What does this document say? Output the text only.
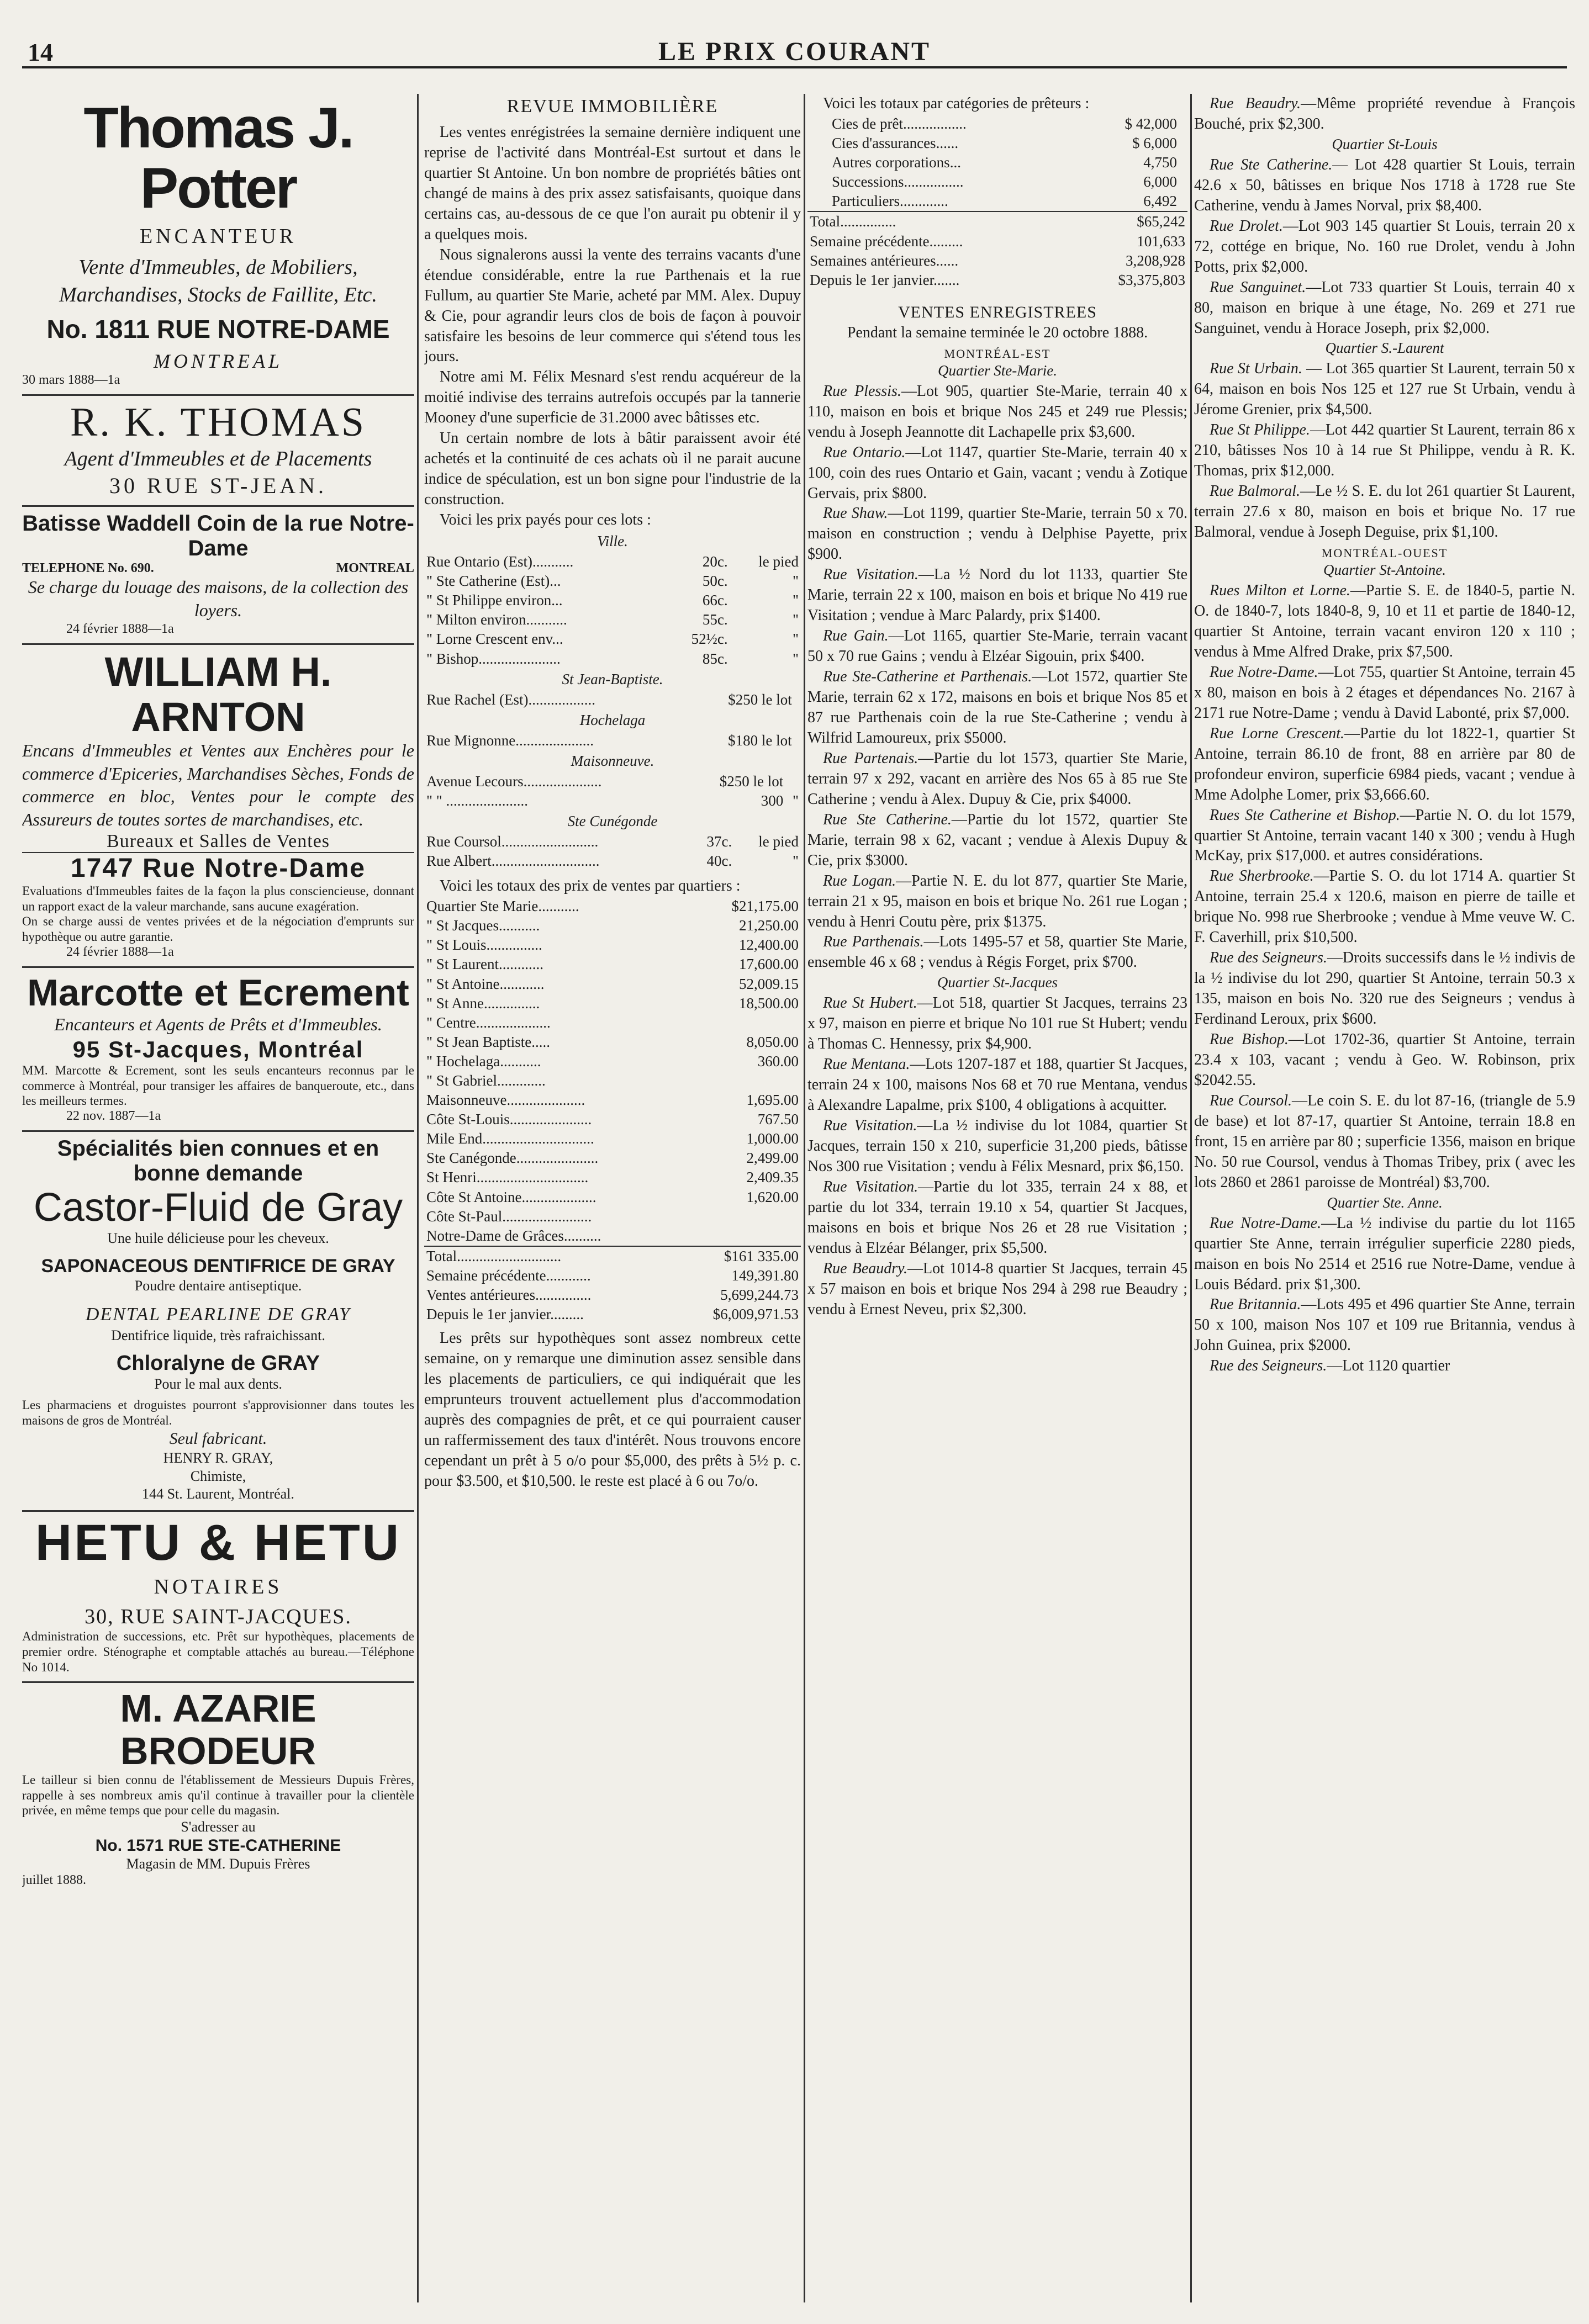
14	LE PRIX COURANT
Thomas J. Potter
ENCANTEUR
Vente d'Immeubles, de Mobiliers, Marchandises, Stocks de Faillite, Etc.
No. 1811 RUE NOTRE-DAME
MONTREAL
30 mars 1888—1a
R. K. THOMAS
Agent d'Immeubles et de Placements
30 RUE ST-JEAN.
Batisse Waddell Coin de la rue Notre-Dame
TELEPHONE No. 690.	MONTREAL
Se charge du louage des maisons, de la collection des loyers.
24 février 1888—1a
WILLIAM H. ARNTON
Encans d'Immeubles et Ventes aux Enchères pour le commerce d'Epiceries, Marchandises Sèches, Fonds de commerce en bloc, Ventes pour le compte des Assureurs de toutes sortes de marchandises, etc.
Bureaux et Salles de Ventes
1747 Rue Notre-Dame
Evaluations d'Immeubles faites de la façon la plus consciencieuse, donnant un rapport exact de la valeur marchande, sans aucune exagération.
On se charge aussi de ventes privées et de la négociation d'emprunts sur hypothèque ou autre garantie.
24 février 1888—1a
Marcotte et Ecrement
Encanteurs et Agents de Prêts et d'Immeubles.
95 St-Jacques, Montréal
MM. Marcotte & Ecrement, sont les seuls encanteurs reconnus par le commerce à Montréal, pour transiger les affaires de banqueroute, etc., dans les meilleurs termes.
22 nov. 1887—1a
Spécialités bien connues et en bonne demande
Castor-Fluid de Gray
Une huile délicieuse pour les cheveux.
SAPONACEOUS DENTIFRICE DE GRAY
Poudre dentaire antiseptique.
DENTAL PEARLINE DE GRAY
Dentifrice liquide, très rafraichissant.
Chloralyne de GRAY
Pour le mal aux dents.
Les pharmaciens et droguistes pourront s'approvisionner dans toutes les maisons de gros de Montréal.
Seul fabricant.
HENRY R. GRAY,
Chimiste,
144 St. Laurent, Montréal.
HETU & HETU
NOTAIRES
30, RUE SAINT-JACQUES.
Administration de successions, etc. Prêt sur hypothèques, placements de premier ordre. Sténographe et comptable attachés au bureau.—Téléphone No 1014.
M. AZARIE BRODEUR
Le tailleur si bien connu de l'établissement de Messieurs Dupuis Frères, rappelle à ses nombreux amis qu'il continue à travailler pour la clientèle privée, en même temps que pour celle du magasin.
S'adresser au
No. 1571 RUE STE-CATHERINE
Magasin de MM. Dupuis Frères
juillet 1888.
REVUE IMMOBILIÈRE

Les ventes enrégistrées la semaine dernière indiquent une reprise de l'activité dans Montréal-Est surtout et dans le quartier St Antoine. Un bon nombre de propriétés bâties ont changé de mains à des prix assez satisfaisants, quoique dans certains cas, au-dessous de ce que l'on aurait pu obtenir il y a quelques mois.

Nous signalerons aussi la vente des terrains vacants d'une étendue considérable, entre la rue Parthenais et la rue Fullum, au quartier Ste Marie, acheté par MM. Alex. Dupuy & Cie, pour agrandir leurs clos de bois de façon à pouvoir satisfaire les besoins de leur commerce qui s'étend tous les jours.

Notre ami M. Félix Mesnard s'est rendu acquéreur de la moitié indivise des terrains autrefois occupés par la tannerie Mooney d'une superficie de 31.2000 avec bâtisses etc.

Un certain nombre de lots à bâtir paraissent avoir été achetés et la continuité de ces achats où il ne parait aucune indice de spéculation, est un bon signe pour l'industrie de la construction.

Voici les prix payés pour ces lots :

Ville.
Rue Ontario (Est)...........	20c.	le pied
" Ste Catherine (Est)...	50c.	"
" St Philippe environ...	66c.	"
" Milton environ...........	55c.	"
" Lorne Crescent env...	52½c.	"
" Bishop......................	85c.	"
St Jean-Baptiste.
Rue Rachel (Est)..................	$250 le lot	
Hochelaga
Rue Mignonne.....................	$180 le lot	
Maisonneuve.
Avenue Lecours.....................	$250 le lot	
" " ......................	300	"
Ste Cunégonde
Rue Coursol..........................	37c.	le pied
Rue Albert.............................	40c.	"

Voici les totaux des prix de ventes par quartiers :

Quartier Ste Marie...........	$21,175.00
" St Jacques...........	21,250.00
" St Louis...............	12,400.00
" St Laurent............	17,600.00
" St Antoine............	52,009.15
" St Anne...............	18,500.00
" Centre....................	
" St Jean Baptiste.....	8,050.00
" Hochelaga...........	360.00
" St Gabriel.............	
Maisonneuve.....................	1,695.00
Côte St-Louis......................	767.50
Mile End..............................	1,000.00
Ste Canégonde......................	2,499.00
St Henri..............................	2,409.35
Côte St Antoine....................	1,620.00
Côte St-Paul........................	
Notre-Dame de Grâces..........	
Total............................	$161 335.00
Semaine précédente............	149,391.80
Ventes antérieures...............	5,699,244.73
Depuis le 1er janvier.........	$6,009,971.53

Les prêts sur hypothèques sont assez nombreux cette semaine, on y remarque une diminution assez sensible dans les placements de particuliers, ce qui indiquérait que les emprunteurs trouvent actuellement plus d'accommodation auprès des compagnies de prêt, et ce qui pourraient causer un raffermissement des taux d'intérêt. Nous trouvons encore cependant un prêt à 5 o/o pour $5,000, des prêts à 5½ p. c. pour $3.500, et $10,500. le reste est placé à 6 ou 7o/o.

Voici les totaux par catégories de prêteurs :

Cies de prêt.................	$ 42,000
Cies d'assurances......	$ 6,000
Autres corporations...	4,750
Successions................	6,000
Particuliers.............	6,492
Total...............	$65,242
Semaine précédente.........	101,633
Semaines antérieures......	3,208,928
Depuis le 1er janvier.......	$3,375,803
VENTES ENREGISTREES

Pendant la semaine terminée le 20 octobre 1888.

MONTRÉAL-EST
Quartier Ste-Marie.

Rue Plessis.—Lot 905, quartier Ste-Marie, terrain 40 x 110, maison en bois et brique Nos 245 et 249 rue Plessis; vendu à Joseph Jeannotte dit Lachapelle prix $3,600.

Rue Ontario.—Lot 1147, quartier Ste-Marie, terrain 40 x 100, coin des rues Ontario et Gain, vacant ; vendu à Zotique Gervais, prix $800.

Rue Shaw.—Lot 1199, quartier Ste-Marie, terrain 50 x 70. maison en construction ; vendu à Delphise Payette, prix $900.

Rue Visitation.—La ½ Nord du lot 1133, quartier Ste Marie, terrain 22 x 100, maison en bois et brique No 419 rue Visitation ; vendue à Marc Palardy, prix $1400.

Rue Gain.—Lot 1165, quartier Ste-Marie, terrain vacant 50 x 70 rue Gains ; vendu à Elzéar Sigouin, prix $400.

Rue Ste-Catherine et Parthenais.—Lot 1572, quartier Ste Marie, terrain 62 x 172, maisons en bois et brique Nos 85 et 87 rue Parthenais coin de la rue Ste-Catherine ; vendu à Wilfrid Lamoureux, prix $5000.

Rue Partenais.—Partie du lot 1573, quartier Ste Marie, terrain 97 x 292, vacant en arrière des Nos 65 à 85 rue Ste Catherine ; vendu à Alex. Dupuy & Cie, prix $4000.

Rue Ste Catherine.—Partie du lot 1572, quartier Ste Marie, terrain 98 x 62, vacant ; vendue à Alexis Dupuy & Cie, prix $3000.

Rue Logan.—Partie N. E. du lot 877, quartier Ste Marie, terrain 21 x 95, maison en bois et brique No. 261 rue Logan ; vendu à Henri Coutu père, prix $1375.

Rue Parthenais.—Lots 1495-57 et 58, quartier Ste Marie, ensemble 46 x 68 ; vendus à Régis Forget, prix $700.

Quartier St-Jacques

Rue St Hubert.—Lot 518, quartier St Jacques, terrains 23 x 97, maison en pierre et brique No 101 rue St Hubert; vendu à Thomas C. Hennessy, prix $4,900.

Rue Mentana.—Lots 1207-187 et 188, quartier St Jacques, terrain 24 x 100, maisons Nos 68 et 70 rue Mentana, vendus à Alexandre Lapalme, prix $100, 4 obligations à acquitter.

Rue Visitation.—La ½ indivise du lot 1084, quartier St Jacques, terrain 150 x 210, superficie 31,200 pieds, bâtisse Nos 300 rue Visitation ; vendu à Félix Mesnard, prix $6,150.

Rue Visitation.—Partie du lot 335, terrain 24 x 88, et partie du lot 334, terrain 19.10 x 54, quartier St Jacques, maisons en bois et brique Nos 26 et 28 rue Visitation ; vendus à Elzéar Bélanger, prix $5,500.

Rue Beaudry.—Lot 1014-8 quartier St Jacques, terrain 45 x 57 maison en bois et brique Nos 294 à 298 rue Beaudry ; vendu à Ernest Neveu, prix $2,300.

Rue Beaudry.—Même propriété revendue à François Bouché, prix $2,300.

Quartier St-Louis

Rue Ste Catherine.— Lot 428 quartier St Louis, terrain 42.6 x 50, bâtisses en brique Nos 1718 à 1728 rue Ste Catherine, vendu à James Norval, prix $8,400.

Rue Drolet.—Lot 903 145 quartier St Louis, terrain 20 x 72, cottége en brique, No. 160 rue Drolet, vendu à John Potts, prix $2,000.

Rue Sanguinet.—Lot 733 quartier St Louis, terrain 40 x 80, maison en brique à une étage, No. 269 et 271 rue Sanguinet, vendu à Horace Joseph, prix $2,000.

Quartier S.-Laurent

Rue St Urbain. — Lot 365 quartier St Laurent, terrain 50 x 64, maison en bois Nos 125 et 127 rue St Urbain, vendu à Jérome Grenier, prix $4,500.

Rue St Philippe.—Lot 442 quartier St Laurent, terrain 86 x 210, bâtisses Nos 10 à 14 rue St Philippe, vendu à R. K. Thomas, prix $12,000.

Rue Balmoral.—Le ½ S. E. du lot 261 quartier St Laurent, terrain 27.6 x 80, maison en bois et brique No. 17 rue Balmoral, vendue à Joseph Deguise, prix $1,100.

MONTRÉAL-OUEST
Quartier St-Antoine.

Rues Milton et Lorne.—Partie S. E. de 1840-5, partie N. O. de 1840-7, lots 1840-8, 9, 10 et 11 et partie de 1840-12, quartier St Antoine, terrain vacant environ 120 x 110 ; vendus à Mme Alfred Drake, prix $7,500.

Rue Notre-Dame.—Lot 755, quartier St Antoine, terrain 45 x 80, maison en bois à 2 étages et dépendances No. 2167 à 2171 rue Notre-Dame ; vendu à David Labonté, prix $7,000.

Rue Lorne Crescent.—Partie du lot 1822-1, quartier St Antoine, terrain 86.10 de front, 88 en arrière par 80 de profondeur environ, superficie 6984 pieds, vacant ; vendue à Mme Adolphe Lomer, prix $3,666.60.

Rues Ste Catherine et Bishop.—Partie N. O. du lot 1579, quartier St Antoine, terrain vacant 140 x 300 ; vendu à Hugh McKay, prix $17,000. et autres considérations.

Rue Sherbrooke.—Partie S. O. du lot 1714 A. quartier St Antoine, terrain 25.4 x 120.6, maison en pierre de taille et brique No. 998 rue Sherbrooke ; vendue à Mme veuve W. C. F. Caverhill, prix $10,500.

Rue des Seigneurs.—Droits successifs dans le ½ indivis de la ½ indivise du lot 290, quartier St Antoine, terrain 50.3 x 135, maison en bois No. 320 rue des Seigneurs ; vendus à Ferdinand Leroux, prix $600.

Rue Bishop.—Lot 1702-36, quartier St Antoine, terrain 23.4 x 103, vacant ; vendu à Geo. W. Robinson, prix $2042.55.

Rue Coursol.—Le coin S. E. du lot 87-16, (triangle de 5.9 de base) et lot 87-17, quartier St Antoine, terrain 18.8 en front, 15 en arrière par 80 ; superficie 1356, maison en brique No. 50 rue Coursol, vendus à Thomas Tribey, prix ( avec les lots 2860 et 2861 paroisse de Montréal) $3,700.

Quartier Ste. Anne.

Rue Notre-Dame.—La ½ indivise du partie du lot 1165 quartier Ste Anne, terrain irrégulier superficie 2280 pieds, maison en bois No 2514 et 2516 rue Notre-Dame, vendue à Louis Bédard. prix $1,300.

Rue Britannia.—Lots 495 et 496 quartier Ste Anne, terrain 50 x 100, maison Nos 107 et 109 rue Britannia, vendus à John Guinea, prix $2000.

Rue des Seigneurs.—Lot 1120 quartier
